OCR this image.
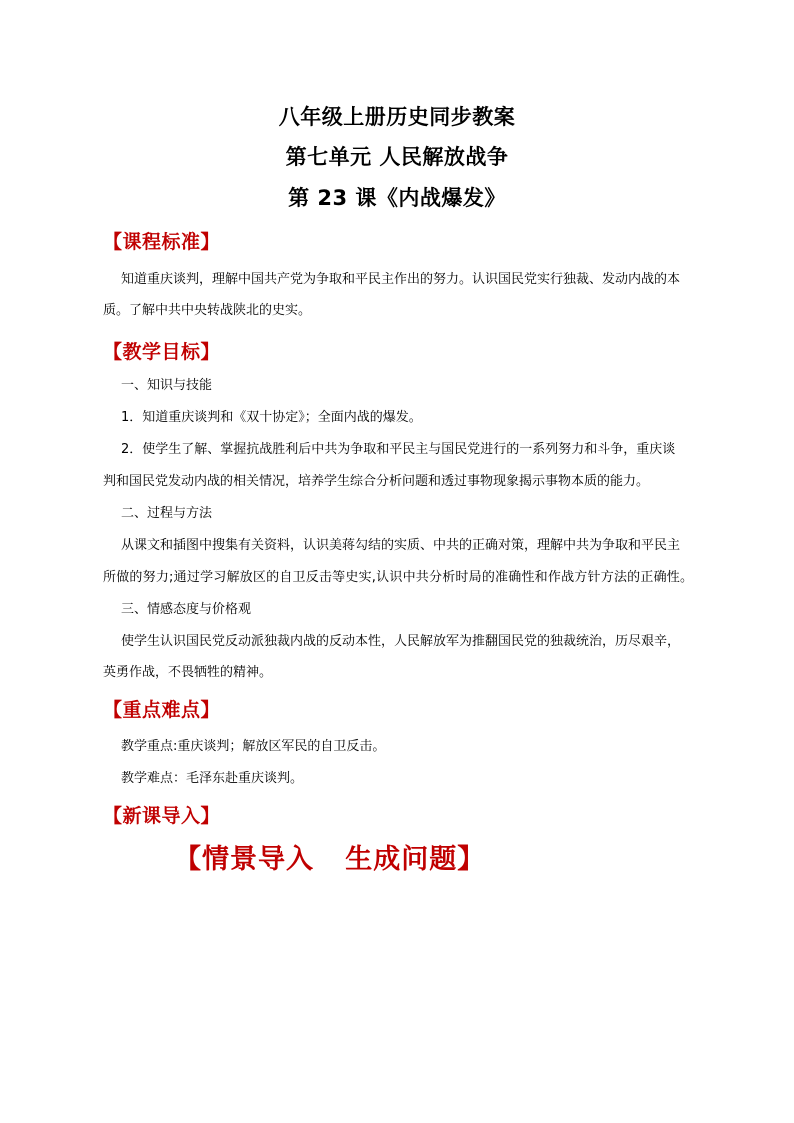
八年级上册历史同步教案
第七单元 人民解放战争
第 23 课《内战爆发》
【课程标准】
知道重庆谈判，理解中国共产党为争取和平民主作出的努力。认识国民党实行独裁、发动内战的本
质。了解中共中央转战陕北的史实。
【教学目标】
一、知识与技能
1．知道重庆谈判和《双十协定》；全面内战的爆发。
2．使学生了解、掌握抗战胜利后中共为争取和平民主与国民党进行的一系列努力和斗争，重庆谈
判和国民党发动内战的相关情况，培养学生综合分析问题和透过事物现象揭示事物本质的能力。
二、过程与方法
从课文和插图中搜集有关资料，认识美蒋勾结的实质、中共的正确对策，理解中共为争取和平民主
所做的努力;通过学习解放区的自卫反击等史实,认识中共分析时局的准确性和作战方针方法的正确性。
三、情感态度与价格观
使学生认识国民党反动派独裁内战的反动本性，人民解放军为推翻国民党的独裁统治，历尽艰辛，
英勇作战，不畏牺牲的精神。
【重点难点】
教学重点:重庆谈判；解放区军民的自卫反击。
教学难点：毛泽东赴重庆谈判。
【新课导入】
【情景导入   生成问题】
